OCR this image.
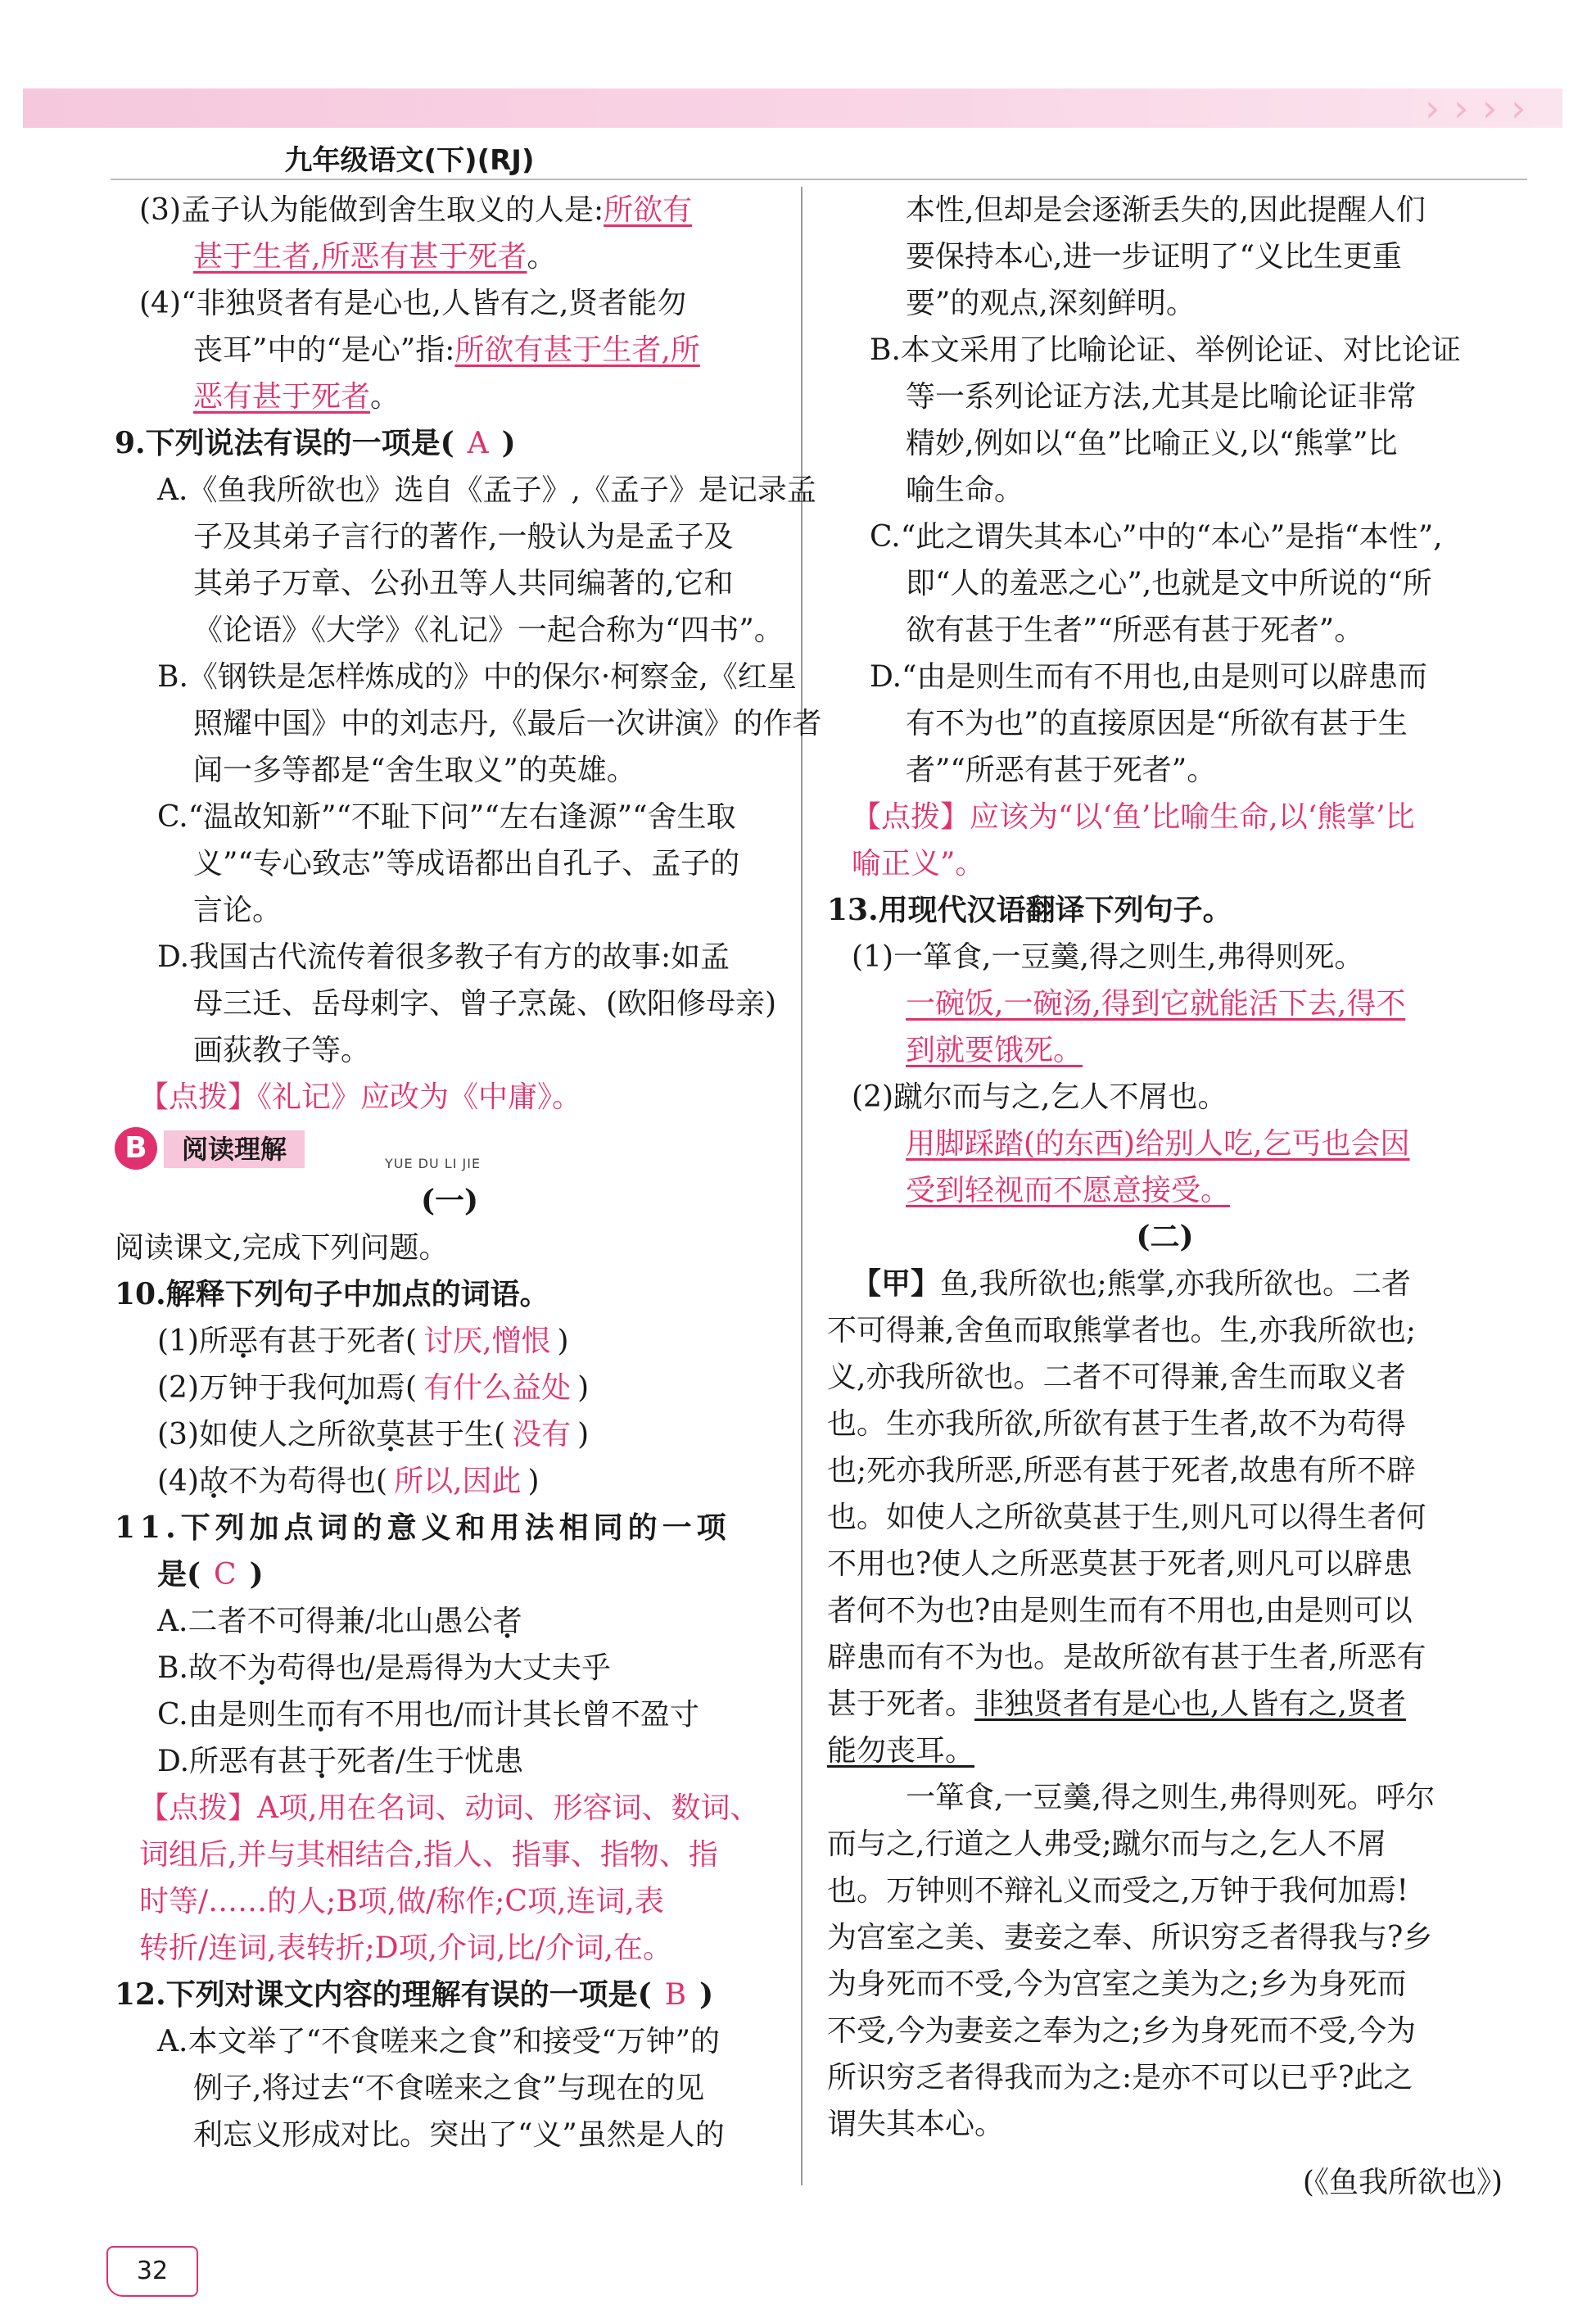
› › › ›
九年级语文(下)(RJ)
(3)孟子认为能做到舍生取义的人是:所欲有
甚于生者,所恶有甚于死者。
(4)“非独贤者有是心也,人皆有之,贤者能勿
丧耳”中的“是心”指:所欲有甚于生者,所
恶有甚于死者。
9.下列说法有误的一项是( A )
A.《鱼我所欲也》选自《孟子》,《孟子》是记录孟
子及其弟子言行的著作,一般认为是孟子及
其弟子万章、公孙丑等人共同编著的,它和
《论语》《大学》《礼记》一起合称为“四书”。
B.《钢铁是怎样炼成的》中的保尔·柯察金,《红星
照耀中国》中的刘志丹,《最后一次讲演》的作者
闻一多等都是“舍生取义”的英雄。
C.“温故知新”“不耻下问”“左右逢源”“舍生取
义”“专心致志”等成语都出自孔子、孟子的
言论。
D.我国古代流传着很多教子有方的故事:如孟
母三迁、岳母刺字、曾子烹彘、(欧阳修母亲)
画荻教子等。
【点拨】《礼记》应改为《中庸》。
B	阅读理解	YUE DU LI JIE
(一)
阅读课文,完成下列问题。
10.解释下列句子中加点的词语。
(1)所恶有甚于死者( 讨厌,憎恨 )
(2)万钟于我何加焉( 有什么益处 )
(3)如使人之所欲莫甚于生( 没有 )
(4)故不为苟得也( 所以,因此 )
11.下列加点词的意义和用法相同的一项
是( C )
A.二者不可得兼/北山愚公者
B.故不为苟得也/是焉得为大丈夫乎
C.由是则生而有不用也/而计其长曾不盈寸
D.所恶有甚于死者/生于忧患
【点拨】A项,用在名词、动词、形容词、数词、
词组后,并与其相结合,指人、指事、指物、指
时等/……的人;B项,做/称作;C项,连词,表
转折/连词,表转折;D项,介词,比/介词,在。
12.下列对课文内容的理解有误的一项是( B )
A.本文举了“不食嗟来之食”和接受“万钟”的
例子,将过去“不食嗟来之食”与现在的见
利忘义形成对比。突出了“义”虽然是人的
本性,但却是会逐渐丢失的,因此提醒人们
要保持本心,进一步证明了“义比生更重
要”的观点,深刻鲜明。
B.本文采用了比喻论证、举例论证、对比论证
等一系列论证方法,尤其是比喻论证非常
精妙,例如以“鱼”比喻正义,以“熊掌”比
喻生命。
C.“此之谓失其本心”中的“本心”是指“本性”,
即“人的羞恶之心”,也就是文中所说的“所
欲有甚于生者”“所恶有甚于死者”。
D.“由是则生而有不用也,由是则可以辟患而
有不为也”的直接原因是“所欲有甚于生
者”“所恶有甚于死者”。
【点拨】应该为“以‘鱼’比喻生命,以‘熊掌’比
喻正义”。
13.用现代汉语翻译下列句子。
(1)一箪食,一豆羹,得之则生,弗得则死。
一碗饭,一碗汤,得到它就能活下去,得不
到就要饿死。
(2)蹴尔而与之,乞人不屑也。
用脚踩踏(的东西)给别人吃,乞丐也会因
受到轻视而不愿意接受。
(二)
【甲】鱼,我所欲也;熊掌,亦我所欲也。二者
不可得兼,舍鱼而取熊掌者也。生,亦我所欲也;
义,亦我所欲也。二者不可得兼,舍生而取义者
也。生亦我所欲,所欲有甚于生者,故不为苟得
也;死亦我所恶,所恶有甚于死者,故患有所不辟
也。如使人之所欲莫甚于生,则凡可以得生者何
不用也?使人之所恶莫甚于死者,则凡可以辟患
者何不为也?由是则生而有不用也,由是则可以
辟患而有不为也。是故所欲有甚于生者,所恶有
甚于死者。非独贤者有是心也,人皆有之,贤者
能勿丧耳。
一箪食,一豆羹,得之则生,弗得则死。呼尔
而与之,行道之人弗受;蹴尔而与之,乞人不屑
也。万钟则不辩礼义而受之,万钟于我何加焉!
为宫室之美、妻妾之奉、所识穷乏者得我与?乡
为身死而不受,今为宫室之美为之;乡为身死而
不受,今为妻妾之奉为之;乡为身死而不受,今为
所识穷乏者得我而为之:是亦不可以已乎?此之
谓失其本心。
(《鱼我所欲也》)
32
